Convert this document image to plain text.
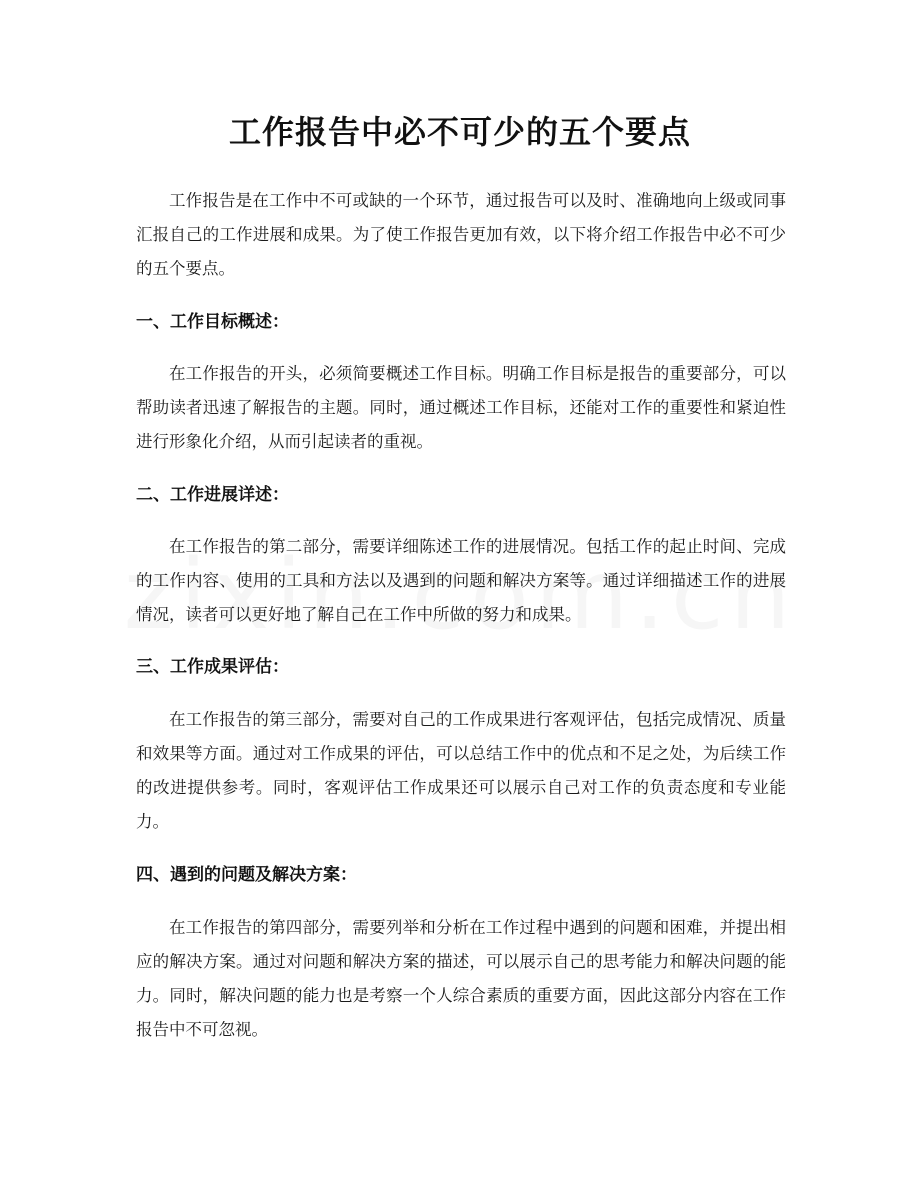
工作报告中必不可少的五个要点

工作报告是在工作中不可或缺的一个环节，通过报告可以及时、准确地向上级或同事汇报自己的工作进展和成果。为了使工作报告更加有效，以下将介绍工作报告中必不可少的五个要点。

一、工作目标概述：

在工作报告的开头，必须简要概述工作目标。明确工作目标是报告的重要部分，可以帮助读者迅速了解报告的主题。同时，通过概述工作目标，还能对工作的重要性和紧迫性进行形象化介绍，从而引起读者的重视。

二、工作进展详述：

在工作报告的第二部分，需要详细陈述工作的进展情况。包括工作的起止时间、完成的工作内容、使用的工具和方法以及遇到的问题和解决方案等。通过详细描述工作的进展情况，读者可以更好地了解自己在工作中所做的努力和成果。

三、工作成果评估：

在工作报告的第三部分，需要对自己的工作成果进行客观评估，包括完成情况、质量和效果等方面。通过对工作成果的评估，可以总结工作中的优点和不足之处，为后续工作的改进提供参考。同时，客观评估工作成果还可以展示自己对工作的负责态度和专业能力。

四、遇到的问题及解决方案：

在工作报告的第四部分，需要列举和分析在工作过程中遇到的问题和困难，并提出相应的解决方案。通过对问题和解决方案的描述，可以展示自己的思考能力和解决问题的能力。同时，解决问题的能力也是考察一个人综合素质的重要方面，因此这部分内容在工作报告中不可忽视。
